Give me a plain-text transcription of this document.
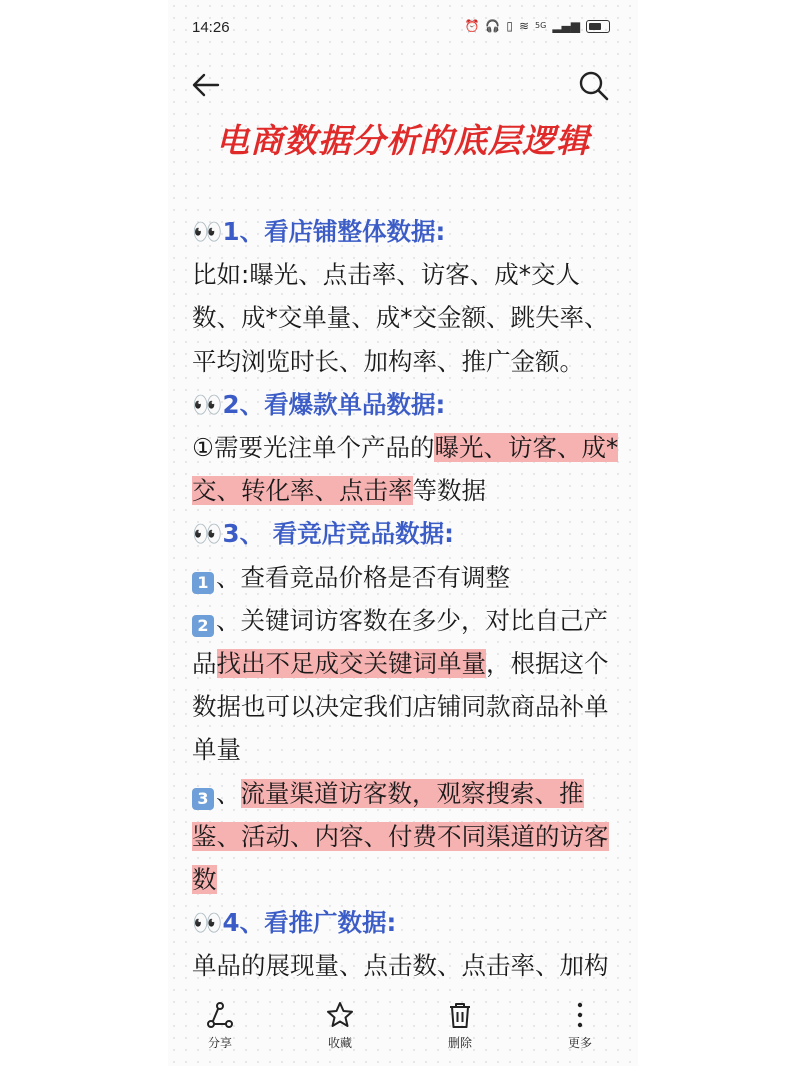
14:26	⏰ 🎧 ▯ ≋ 5G ▂▄▆
电商数据分析的底层逻辑

👀1、看店铺整体数据:

比如:曝光、点击率、访客、成*交人数、成*交单量、成*交金额、跳失率、平均浏览时长、加构率、推广金额。

👀2、看爆款单品数据:

①需要光注单个产品的曝光、访客、成*交、转化率、点击率等数据

👀3、 看竞店竞品数据:

1 、查看竞品价格是否有调整

2 、关键词访客数在多少，对比自己产品找出不足成交关键词单量，根据这个数据也可以决定我们店铺同款商品补单单量

3 、流量渠道访客数，观察搜索、推鉴、活动、内容、付费不同渠道的访客数

👀4、看推广数据:

单品的展现量、点击数、点击率、加构

分享	收藏	删除	更多
